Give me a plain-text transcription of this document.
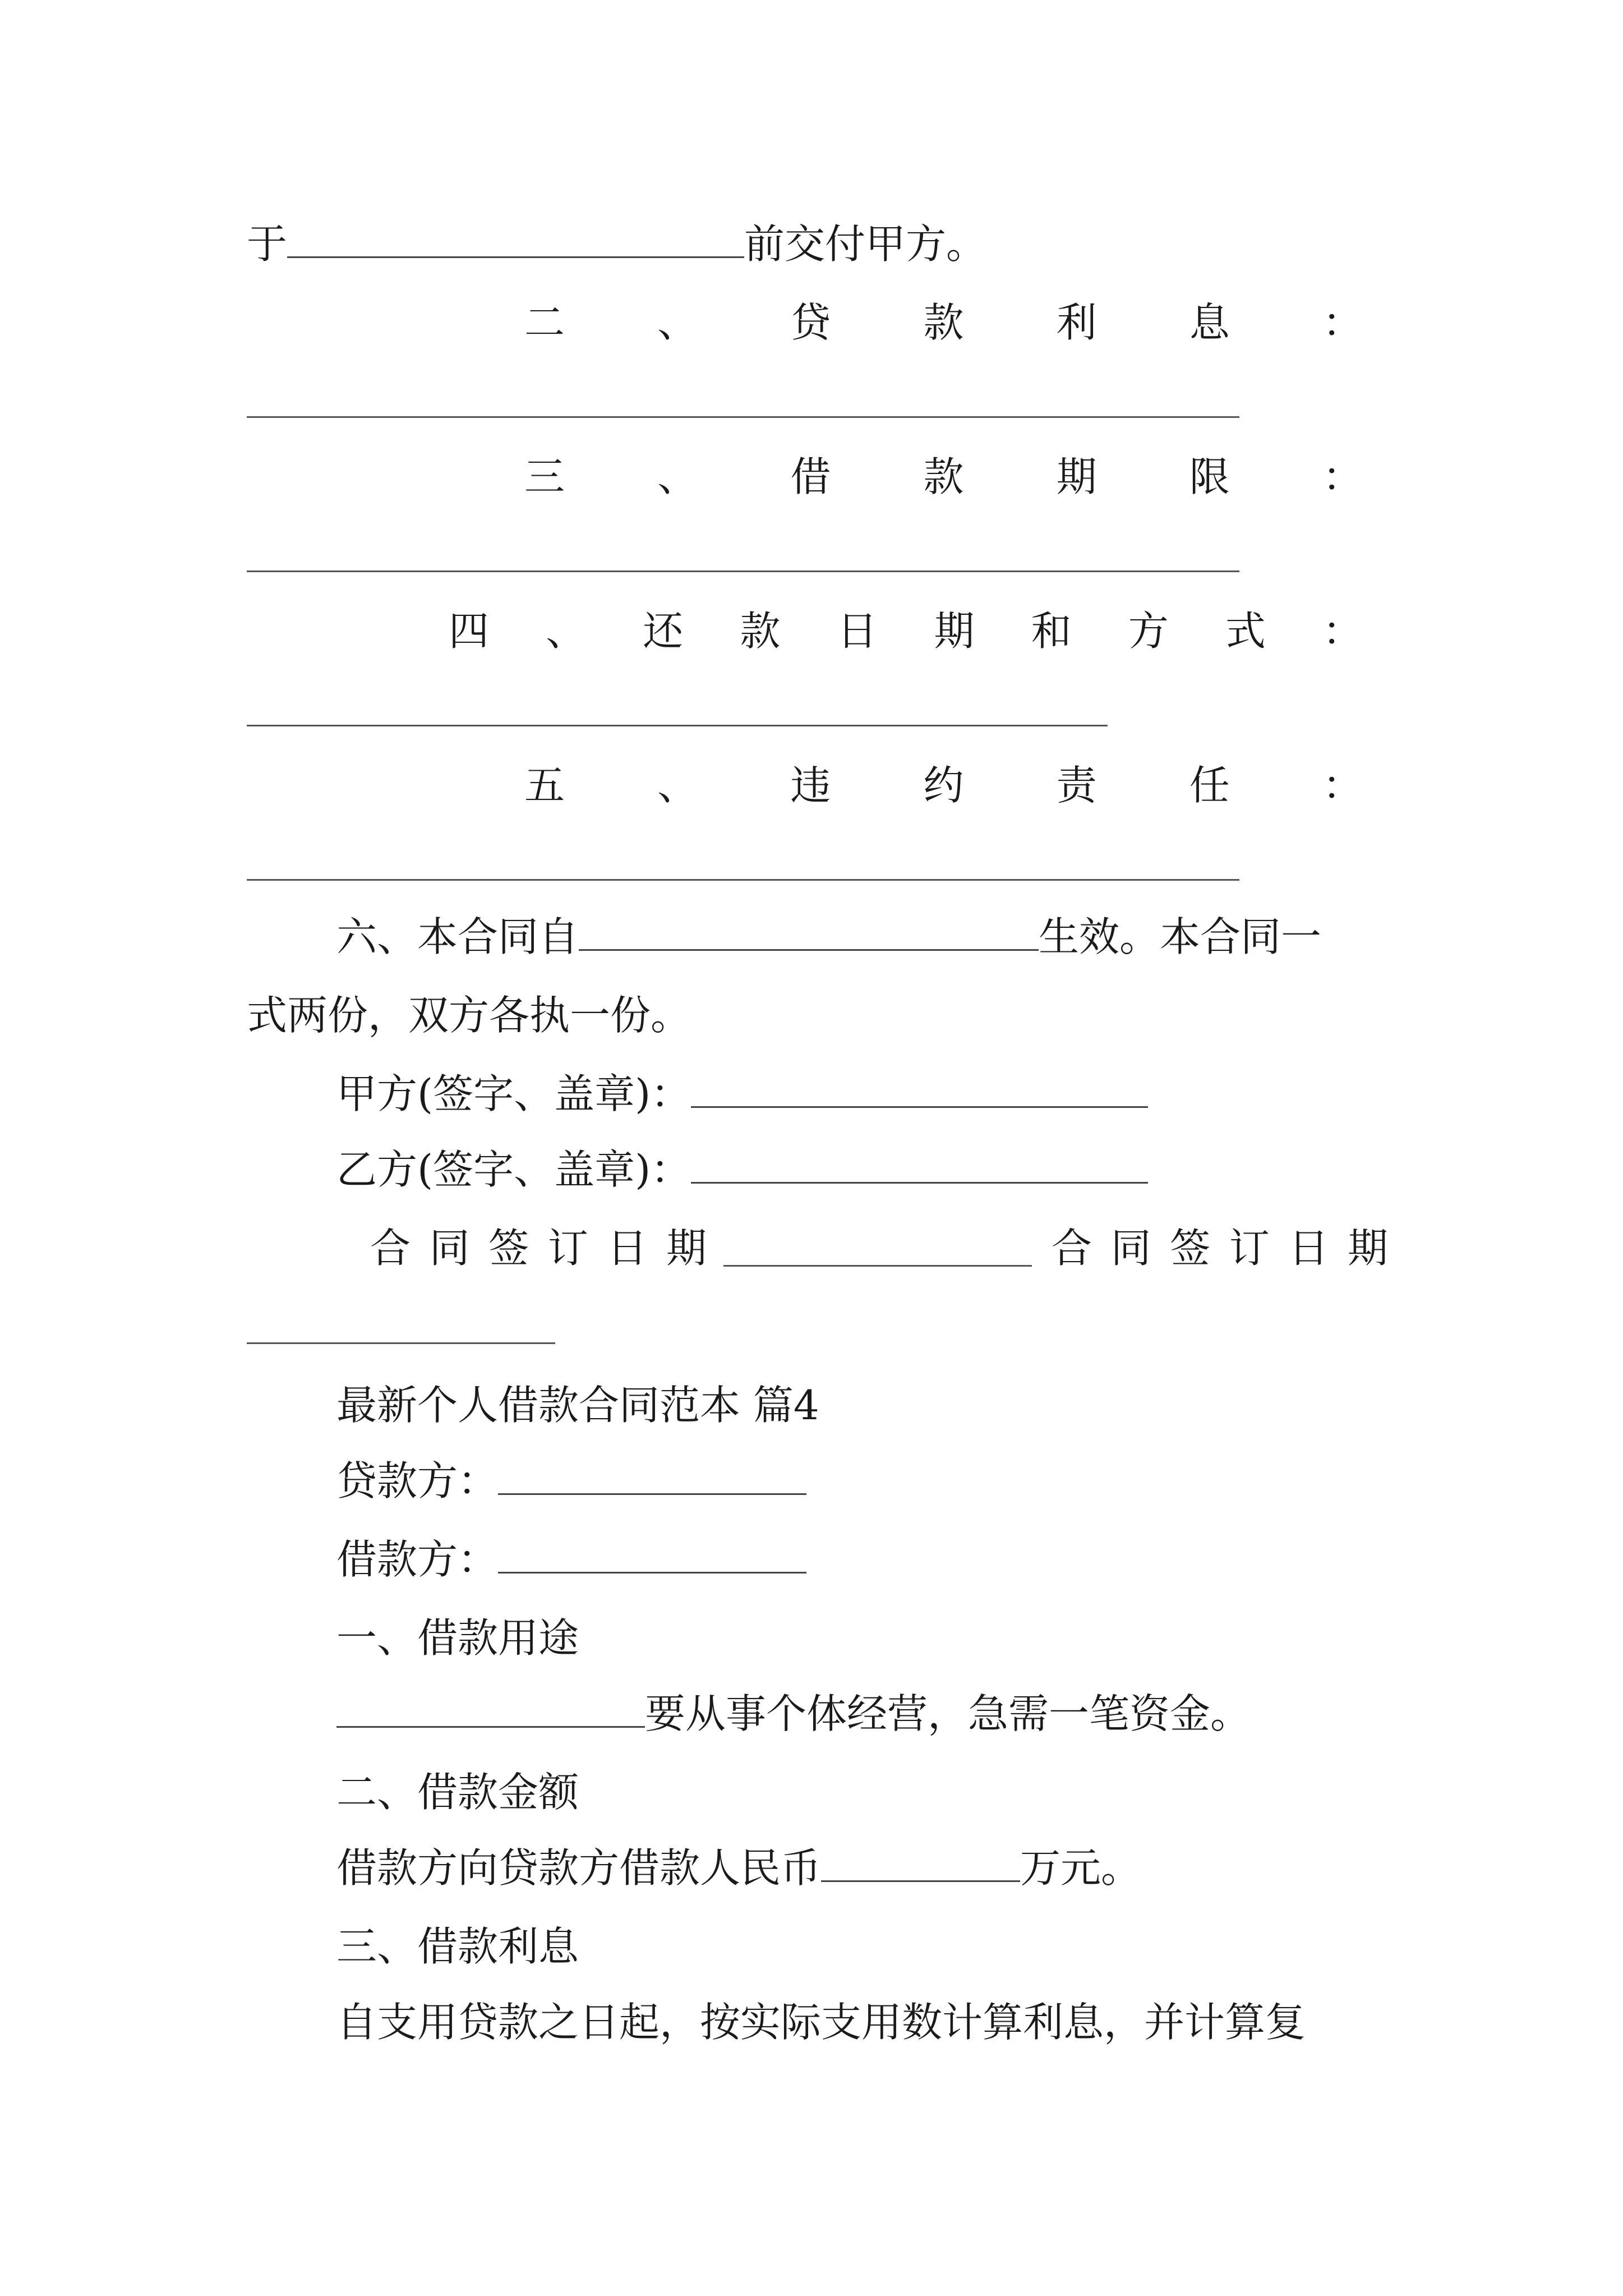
于	前交付甲方。
二 、 贷 款 利 息 ：
三 、 借 款 期 限 ：
四 、 还 款 日 期 和 方 式 ：
五 、 违 约 责 任 ：
六、本合同自	生效。本合同一
式两份，双方各执一份。
甲方(签字、盖章)：
乙方(签字、盖章)：
合 同 签 订 日 期	合 同 签 订 日 期
最新个人借款合同范本 篇4
贷款方：
借款方：
一、借款用途
要从事个体经营，急需一笔资金。
二、借款金额
借款方向贷款方借款人民币	万元。
三、借款利息
自支用贷款之日起，按实际支用数计算利息，并计算复
